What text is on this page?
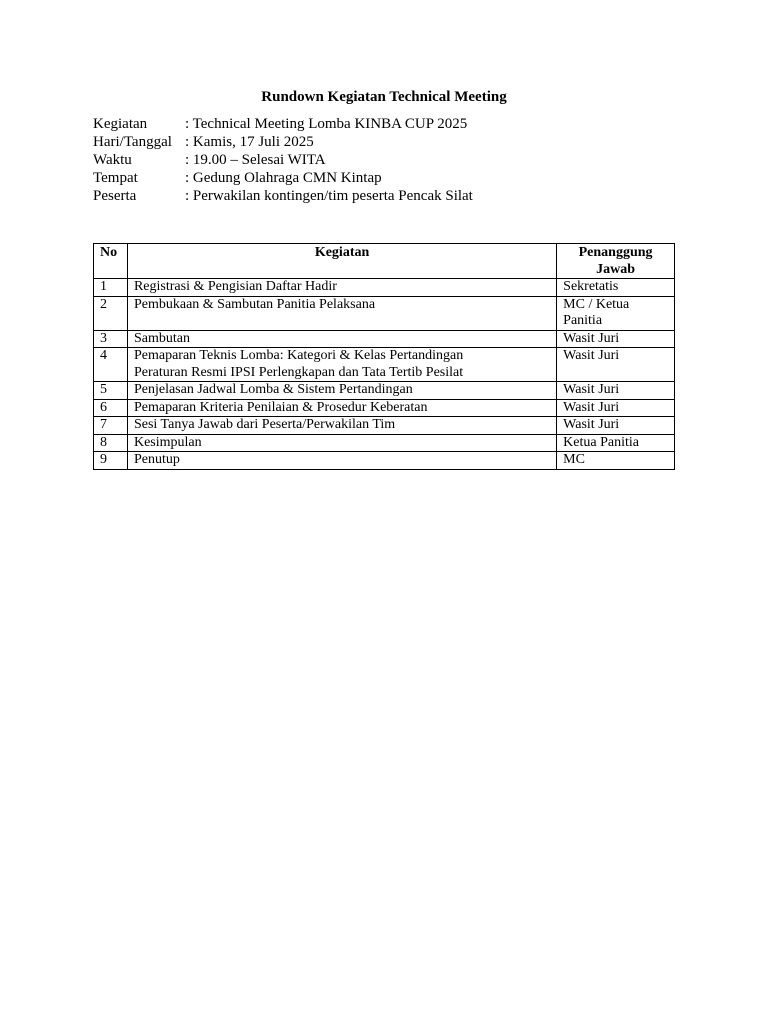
Rundown Kegiatan Technical Meeting
Kegiatan	: Technical Meeting Lomba KINBA CUP 2025
Hari/Tanggal : Kamis, 17 Juli 2025
Waktu	: 19.00 – Selesai WITA
Tempat	: Gedung Olahraga CMN Kintap
Peserta	: Perwakilan kontingen/tim peserta Pencak Silat
No	Kegiatan	Penanggung
Jawab

1	Registrasi & Pengisian Daftar Hadir	Sekretatis

2	Pembukaan & Sambutan Panitia Pelaksana	MC / Ketua
Panitia

3	Sambutan	Wasit Juri

4	Pemaparan Teknis Lomba: Kategori & Kelas Pertandingan
Peraturan Resmi IPSI Perlengkapan dan Tata Tertib Pesilat	Wasit Juri

5	Penjelasan Jadwal Lomba & Sistem Pertandingan	Wasit Juri

6	Pemaparan Kriteria Penilaian & Prosedur Keberatan	Wasit Juri

7	Sesi Tanya Jawab dari Peserta/Perwakilan Tim	Wasit Juri

8	Kesimpulan	Ketua Panitia

9	Penutup	MC
